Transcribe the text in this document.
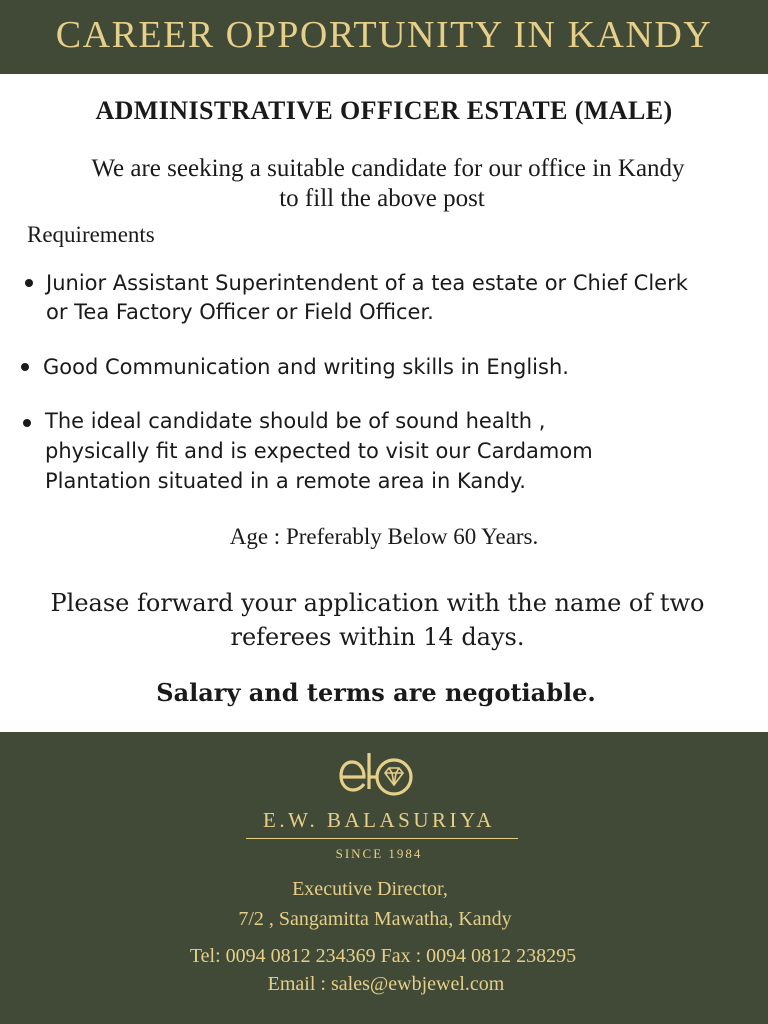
CAREER OPPORTUNITY IN KANDY
ADMINISTRATIVE OFFICER ESTATE (MALE)
We are seeking a suitable candidate for our office in Kandy
to fill the above post
Requirements
Junior Assistant Superintendent of a tea estate or Chief Clerk
or Tea Factory Officer or Field Officer.
Good Communication and writing skills in English.
The ideal candidate should be of sound health ,
physically fit and is expected to visit our Cardamom
Plantation situated in a remote area in Kandy.
Age : Preferably Below 60 Years.
Please forward your application with the name of two
referees within 14 days.
Salary and terms are negotiable.
E.W. BALASURIYA
SINCE 1984
Executive Director,
7/2 , Sangamitta Mawatha, Kandy
Tel: 0094 0812 234369 Fax : 0094 0812 238295
Email : sales@ewbjewel.com
